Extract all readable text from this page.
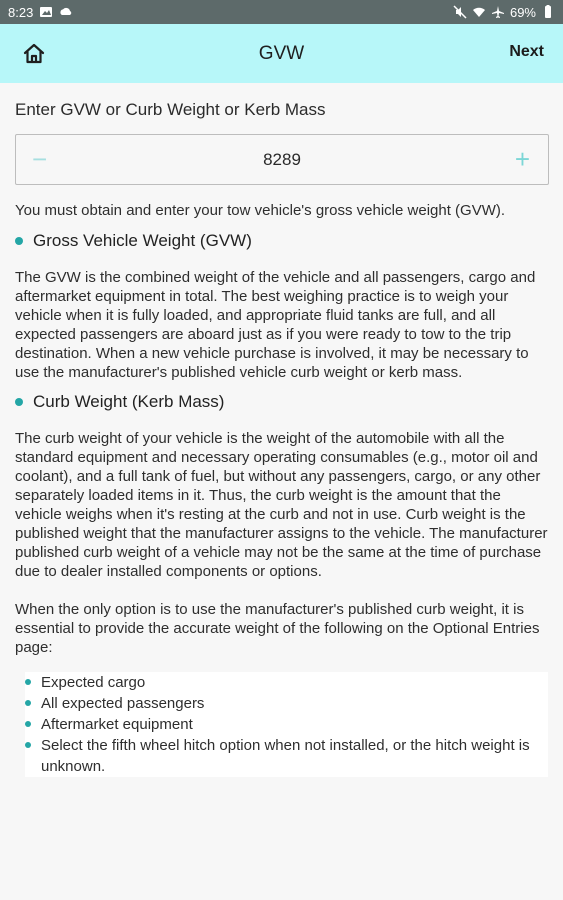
8:23	69%
GVW	Next
Enter GVW or Curb Weight or Kerb Mass
−	8289	+
You must obtain and enter your tow vehicle's gross vehicle weight (GVW).
Gross Vehicle Weight (GVW)
The GVW is the combined weight of the vehicle and all passengers, cargo and aftermarket equipment in total. The best weighing practice is to weigh your vehicle when it is fully loaded, and appropriate fluid tanks are full, and all expected passengers are aboard just as if you were ready to tow to the trip destination. When a new vehicle purchase is involved, it may be necessary to use the manufacturer's published vehicle curb weight or kerb mass.
Curb Weight (Kerb Mass)
The curb weight of your vehicle is the weight of the automobile with all the standard equipment and necessary operating consumables (e.g., motor oil and coolant), and a full tank of fuel, but without any passengers, cargo, or any other separately loaded items in it. Thus, the curb weight is the amount that the vehicle weighs when it's resting at the curb and not in use. Curb weight is the published weight that the manufacturer assigns to the vehicle. The manufacturer published curb weight of a vehicle may not be the same at the time of purchase due to dealer installed components or options.
When the only option is to use the manufacturer's published curb weight, it is essential to provide the accurate weight of the following on the Optional Entries page:
Expected cargo
All expected passengers
Aftermarket equipment
Select the fifth wheel hitch option when not installed, or the hitch weight is unknown.
